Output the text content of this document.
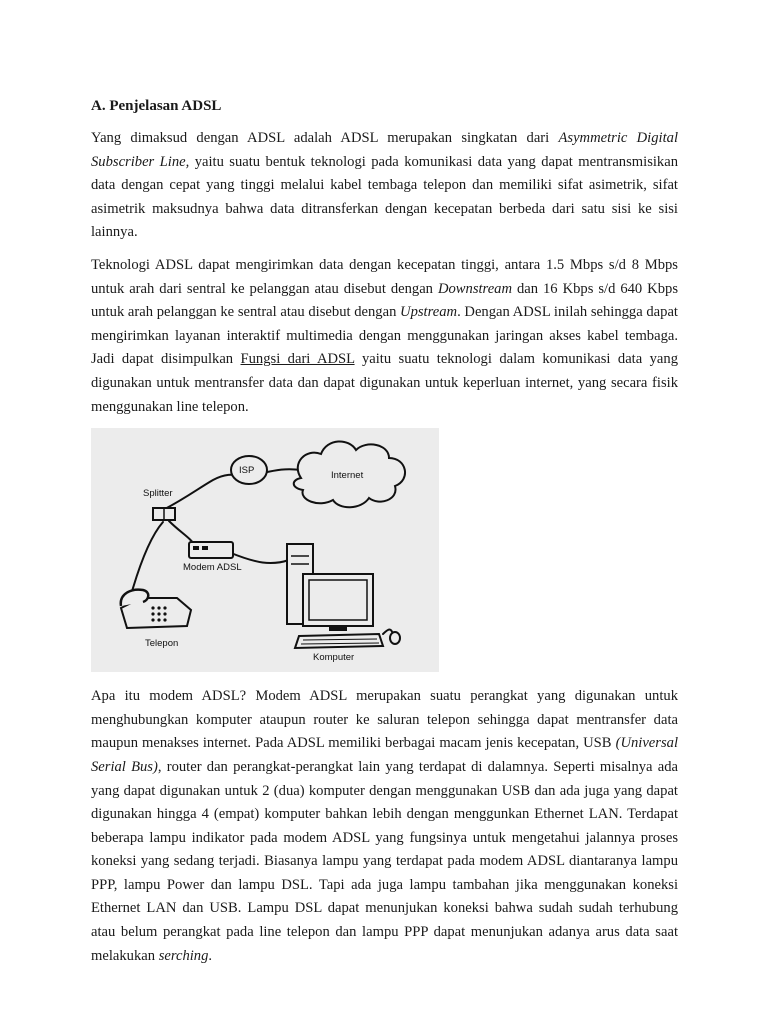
A. Penjelasan ADSL

Yang dimaksud dengan ADSL adalah ADSL merupakan singkatan dari Asymmetric Digital Subscriber Line, yaitu suatu bentuk teknologi pada komunikasi data yang dapat mentransmisikan data dengan cepat yang tinggi melalui kabel tembaga telepon dan memiliki sifat asimetrik, sifat asimetrik maksudnya bahwa data ditransferkan dengan kecepatan berbeda dari satu sisi ke sisi lainnya.

Teknologi ADSL dapat mengirimkan data dengan kecepatan tinggi, antara 1.5 Mbps s/d 8 Mbps untuk arah dari sentral ke pelanggan atau disebut dengan Downstream dan 16 Kbps s/d 640 Kbps untuk arah pelanggan ke sentral atau disebut dengan Upstream. Dengan ADSL inilah sehingga dapat mengirimkan layanan interaktif multimedia dengan menggunakan jaringan akses kabel tembaga. Jadi dapat disimpulkan Fungsi dari ADSL yaitu suatu teknologi dalam komunikasi data yang digunakan untuk mentransfer data dan dapat digunakan untuk keperluan internet, yang secara fisik menggunakan line telepon.

ISP	Internet
Splitter
Modem ADSL
Telepon
Komputer

Apa itu modem ADSL? Modem ADSL merupakan suatu perangkat yang digunakan untuk menghubungkan komputer ataupun router ke saluran telepon sehingga dapat mentransfer data maupun menakses internet. Pada ADSL memiliki berbagai macam jenis kecepatan, USB (Universal Serial Bus), router dan perangkat-perangkat lain yang terdapat di dalamnya. Seperti misalnya ada yang dapat digunakan untuk 2 (dua) komputer dengan menggunakan USB dan ada juga yang dapat digunakan hingga 4 (empat) komputer bahkan lebih dengan menggunkan Ethernet LAN. Terdapat beberapa lampu indikator pada modem ADSL yang fungsinya untuk mengetahui jalannya proses koneksi yang sedang terjadi. Biasanya lampu yang terdapat pada modem ADSL diantaranya lampu PPP, lampu Power dan lampu DSL. Tapi ada juga lampu tambahan jika menggunakan koneksi Ethernet LAN dan USB. Lampu DSL dapat menunjukan koneksi bahwa sudah sudah terhubung atau belum perangkat pada line telepon dan lampu PPP dapat menunjukan adanya arus data saat melakukan serching.
